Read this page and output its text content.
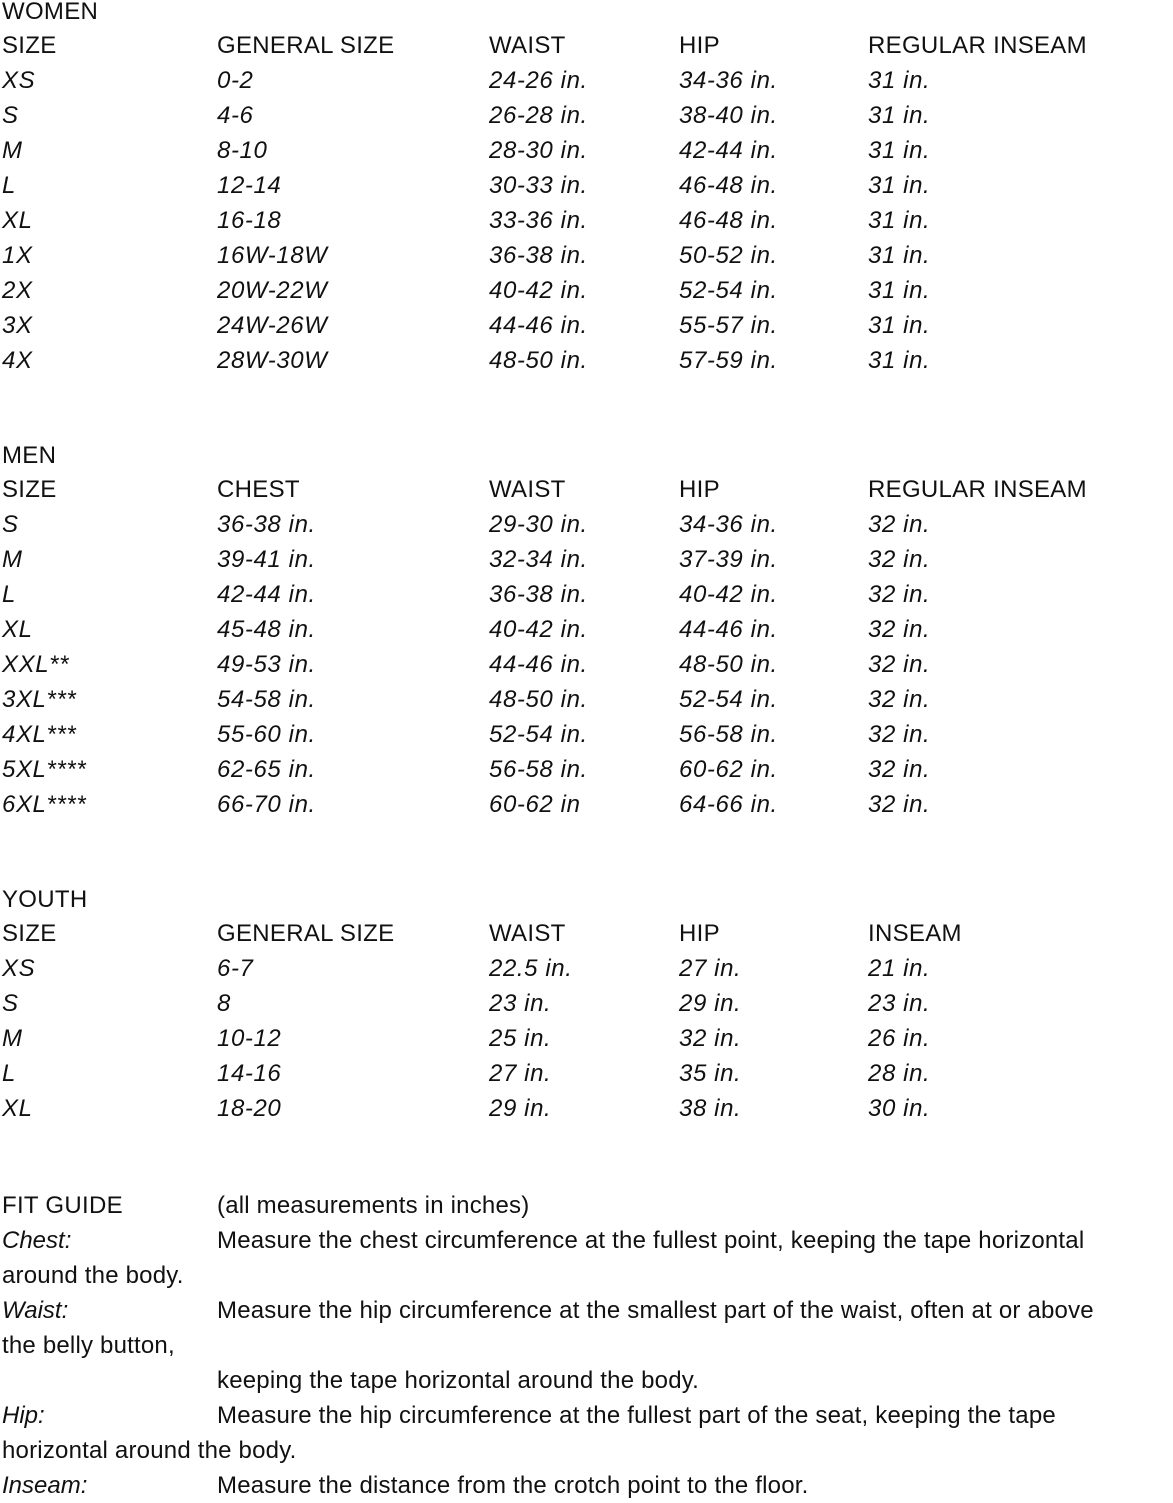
WOMEN
SIZE	GENERAL SIZE	WAIST	HIP	REGULAR INSEAM
XS	0-2	24-26 in.	34-36 in.	31 in.
S	4-6	26-28 in.	38-40 in.	31 in.
M	8-10	28-30 in.	42-44 in.	31 in.
L	12-14	30-33 in.	46-48 in.	31 in.
XL	16-18	33-36 in.	46-48 in.	31 in.
1X	16W-18W	36-38 in.	50-52 in.	31 in.
2X	20W-22W	40-42 in.	52-54 in.	31 in.
3X	24W-26W	44-46 in.	55-57 in.	31 in.
4X	28W-30W	48-50 in.	57-59 in.	31 in.
MEN
SIZE	CHEST	WAIST	HIP	REGULAR INSEAM
S	36-38 in.	29-30 in.	34-36 in.	32 in.
M	39-41 in.	32-34 in.	37-39 in.	32 in.
L	42-44 in.	36-38 in.	40-42 in.	32 in.
XL	45-48 in.	40-42 in.	44-46 in.	32 in.
XXL**	49-53 in.	44-46 in.	48-50 in.	32 in.
3XL***	54-58 in.	48-50 in.	52-54 in.	32 in.
4XL***	55-60 in.	52-54 in.	56-58 in.	32 in.
5XL****	62-65 in.	56-58 in.	60-62 in.	32 in.
6XL****	66-70 in.	60-62 in	64-66 in.	32 in.
YOUTH
SIZE	GENERAL SIZE	WAIST	HIP	INSEAM
XS	6-7	22.5 in.	27 in.	21 in.
S	8	23 in.	29 in.	23 in.
M	10-12	25 in.	32 in.	26 in.
L	14-16	27 in.	35 in.	28 in.
XL	18-20	29 in.	38 in.	30 in.
FIT GUIDE	(all measurements in inches)
Chest:	Measure the chest circumference at the fullest point, keeping the tape horizontal
around the body.
Waist:	Measure the hip circumference at the smallest part of the waist, often at or above
the belly button,
keeping the tape horizontal around the body.
Hip:	Measure the hip circumference at the fullest part of the seat, keeping the tape
horizontal around the body.
Inseam:	Measure the distance from the crotch point to the floor.
